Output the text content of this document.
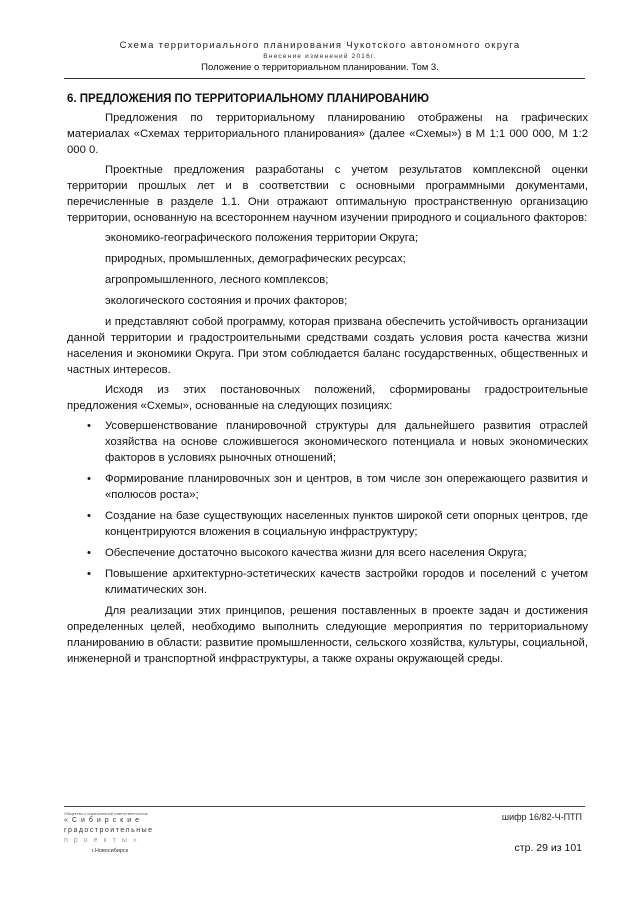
Схема территориального планирования Чукотского автономного округа
Внесение изменений 2016г.
Положение о территориальном планировании. Том 3.
6. ПРЕДЛОЖЕНИЯ ПО ТЕРРИТОРИАЛЬНОМУ ПЛАНИРОВАНИЮ

Предложения по территориальному планированию отображены на графических материалах «Схемах территориального планирования» (далее «Схемы») в М 1:1 000 000, М 1:2 000 0.

Проектные предложения разработаны с учетом результатов комплексной оценки территории прошлых лет и в соответствии с основными программными документами, перечисленные в разделе 1.1. Они отражают оптимальную пространственную организацию территории, основанную на всестороннем научном изучении природного и социального факторов:

экономико-географического положения территории Округа;
природных, промышленных, демографических ресурсах;
агропромышленного, лесного комплексов;
экологического состояния и прочих факторов;

и представляют собой программу, которая призвана обеспечить устойчивость организации данной территории и градостроительными средствами создать условия роста качества жизни населения и экономики Округа. При этом соблюдается баланс государственных, общественных и частных интересов.

Исходя из этих постановочных положений, сформированы градостроительные предложения «Схемы», основанные на следующих позициях:

• Усовершенствование планировочной структуры для дальнейшего развития отраслей хозяйства на основе сложившегося экономического потенциала и новых экономических факторов в условиях рыночных отношений;
• Формирование планировочных зон и центров, в том числе зон опережающего развития и «полюсов роста»;
• Создание на базе существующих населенных пунктов широкой сети опорных центров, где концентрируются вложения в социальную инфраструктуру;
• Обеспечение достаточно высокого качества жизни для всего населения Округа;
• Повышение архитектурно-эстетических качеств застройки городов и поселений с учетом климатических зон.

Для реализации этих принципов, решения поставленных в проекте задач и достижения определенных целей, необходимо выполнить следующие мероприятия по территориальному планированию в области: развитие промышленности, сельского хозяйства, культуры, социальной, инженерной и транспортной инфраструктуры, а также охраны окружающей среды.

Общество с ограниченной ответственностью
«Сибирские
градостроительные
проекты»
г.Новосибирск
шифр 16/82-Ч-ПТП
стр. 29 из 101
